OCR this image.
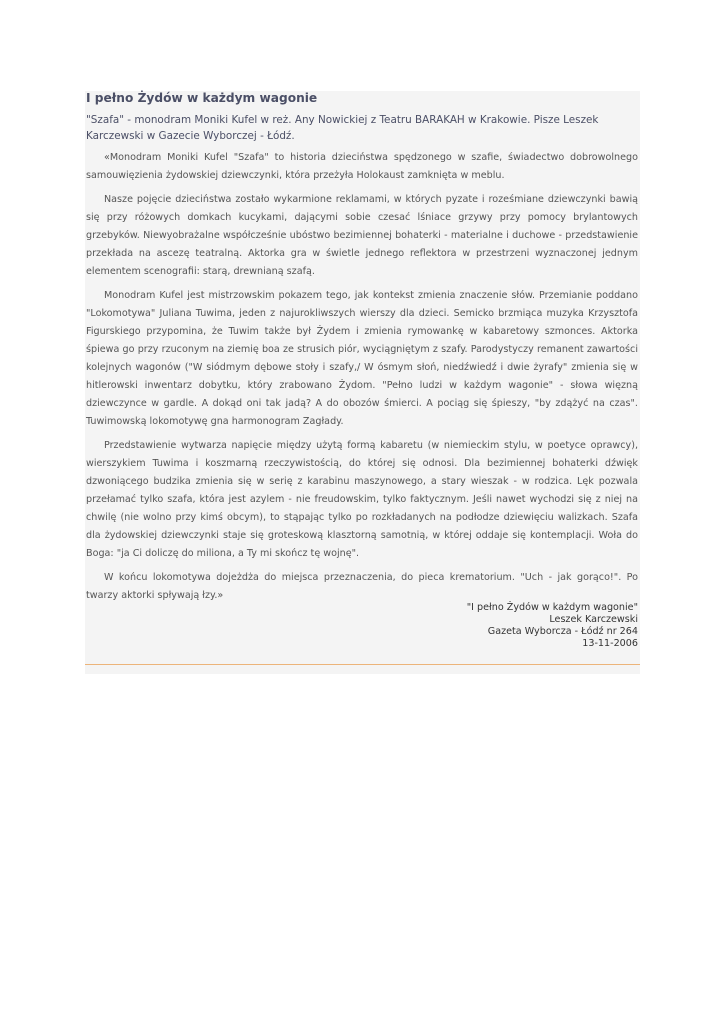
I pełno Żydów w każdym wagonie

"Szafa" - monodram Moniki Kufel w reż. Any Nowickiej z Teatru BARAKAH w Krakowie. Pisze Leszek Karczewski w Gazecie Wyborczej - Łódź.

«Monodram Moniki Kufel "Szafa" to historia dzieciństwa spędzonego w szafie, świadectwo dobrowolnego samouwięzienia żydowskiej dziewczynki, która przeżyła Holokaust zamknięta w meblu.

Nasze pojęcie dzieciństwa zostało wykarmione reklamami, w których pyzate i roześmiane dziewczynki bawią się przy różowych domkach kucykami, dającymi sobie czesać lśniace grzywy przy pomocy brylantowych grzebyków. Niewyobrażalne współcześnie ubóstwo bezimiennej bohaterki - materialne i duchowe - przedstawienie przekłada na ascezę teatralną. Aktorka gra w świetle jednego reflektora w przestrzeni wyznaczonej jednym elementem scenografii: starą, drewnianą szafą.

Monodram Kufel jest mistrzowskim pokazem tego, jak kontekst zmienia znaczenie słów. Przemianie poddano "Lokomotywa" Juliana Tuwima, jeden z najurokliwszych wierszy dla dzieci. Semicko brzmiąca muzyka Krzysztofa Figurskiego przypomina, że Tuwim także był Żydem i zmienia rymowankę w kabaretowy szmonces. Aktorka śpiewa go przy rzuconym na ziemię boa ze strusich piór, wyciągniętym z szafy. Parodystyczy remanent zawartości kolejnych wagonów ("W siódmym dębowe stoły i szafy,/ W ósmym słoń, niedźwiedź i dwie żyrafy" zmienia się w hitlerowski inwentarz dobytku, który zrabowano Żydom. "Pełno ludzi w każdym wagonie" - słowa więzną dziewczynce w gardle. A dokąd oni tak jadą? A do obozów śmierci. A pociąg się śpieszy, "by zdążyć na czas". Tuwimowską lokomotywę gna harmonogram Zagłady.

Przedstawienie wytwarza napięcie między użytą formą kabaretu (w niemieckim stylu, w poetyce oprawcy), wierszykiem Tuwima i koszmarną rzeczywistością, do której się odnosi. Dla bezimiennej bohaterki dźwięk dzwoniącego budzika zmienia się w serię z karabinu maszynowego, a stary wieszak - w rodzica. Lęk pozwala przełamać tylko szafa, która jest azylem - nie freudowskim, tylko faktycznym. Jeśli nawet wychodzi się z niej na chwilę (nie wolno przy kimś obcym), to stąpając tylko po rozkładanych na podłodze dziewięciu walizkach. Szafa dla żydowskiej dziewczynki staje się groteskową klasztorną samotnią, w której oddaje się kontemplacji. Woła do Boga: "ja Ci doliczę do miliona, a Ty mi skończ tę wojnę".

W końcu lokomotywa dojeżdża do miejsca przeznaczenia, do pieca krematorium. "Uch - jak gorąco!". Po twarzy aktorki spływają łzy.»

"I pełno Żydów w każdym wagonie"
Leszek Karczewski
Gazeta Wyborcza - Łódź nr 264
13-11-2006
